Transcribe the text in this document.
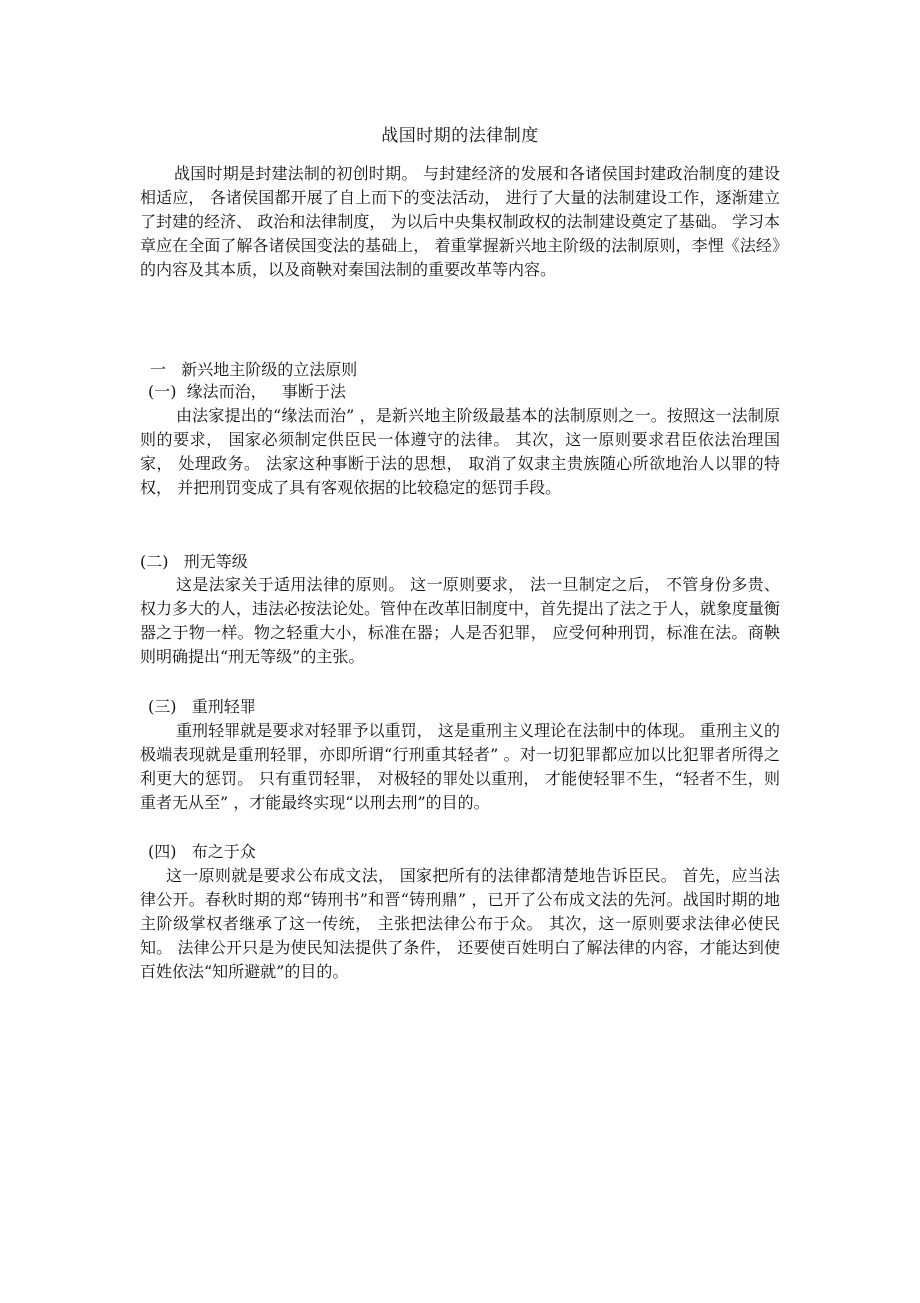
战国时期的法律制度
战国时期是封建法制的初创时期。 与封建经济的发展和各诸侯国封建政治制度的建设相适应， 各诸侯国都开展了自上而下的变法活动， 进行了大量的法制建设工作，逐渐建立了封建的经济、 政治和法律制度， 为以后中央集权制政权的法制建设奠定了基础。 学习本章应在全面了解各诸侯国变法的基础上， 着重掌握新兴地主阶级的法制原则，李悝《法经》的内容及其本质，以及商鞅对秦国法制的重要改革等内容。
一   新兴地主阶级的立法原则
(一)  缘法而治，   事断于法
由法家提出的“缘法而治” ，是新兴地主阶级最基本的法制原则之一。按照这一法制原则的要求， 国家必须制定供臣民一体遵守的法律。 其次，这一原则要求君臣依法治理国家， 处理政务。 法家这种事断于法的思想， 取消了奴隶主贵族随心所欲地治人以罪的特权， 并把刑罚变成了具有客观依据的比较稳定的惩罚手段。
(二)   刑无等级
这是法家关于适用法律的原则。 这一原则要求， 法一旦制定之后， 不管身份多贵、权力多大的人，违法必按法论处。管仲在改革旧制度中，首先提出了法之于人，就象度量衡器之于物一样。物之轻重大小，标准在器；人是否犯罪， 应受何种刑罚，标准在法。商鞅则明确提出“刑无等级”的主张。
(三)   重刑轻罪
重刑轻罪就是要求对轻罪予以重罚， 这是重刑主义理论在法制中的体现。 重刑主义的极端表现就是重刑轻罪，亦即所谓“行刑重其轻者” 。对一切犯罪都应加以比犯罪者所得之利更大的惩罚。 只有重罚轻罪， 对极轻的罪处以重刑， 才能使轻罪不生，“轻者不生，则重者无从至” ，才能最终实现“以刑去刑”的目的。
(四)   布之于众
这一原则就是要求公布成文法， 国家把所有的法律都清楚地告诉臣民。 首先，应当法律公开。春秋时期的郑“铸刑书”和晋“铸刑鼎” ，已开了公布成文法的先河。战国时期的地主阶级掌权者继承了这一传统， 主张把法律公布于众。 其次，这一原则要求法律必使民知。 法律公开只是为使民知法提供了条件， 还要使百姓明白了解法律的内容，才能达到使百姓依法“知所避就”的目的。
